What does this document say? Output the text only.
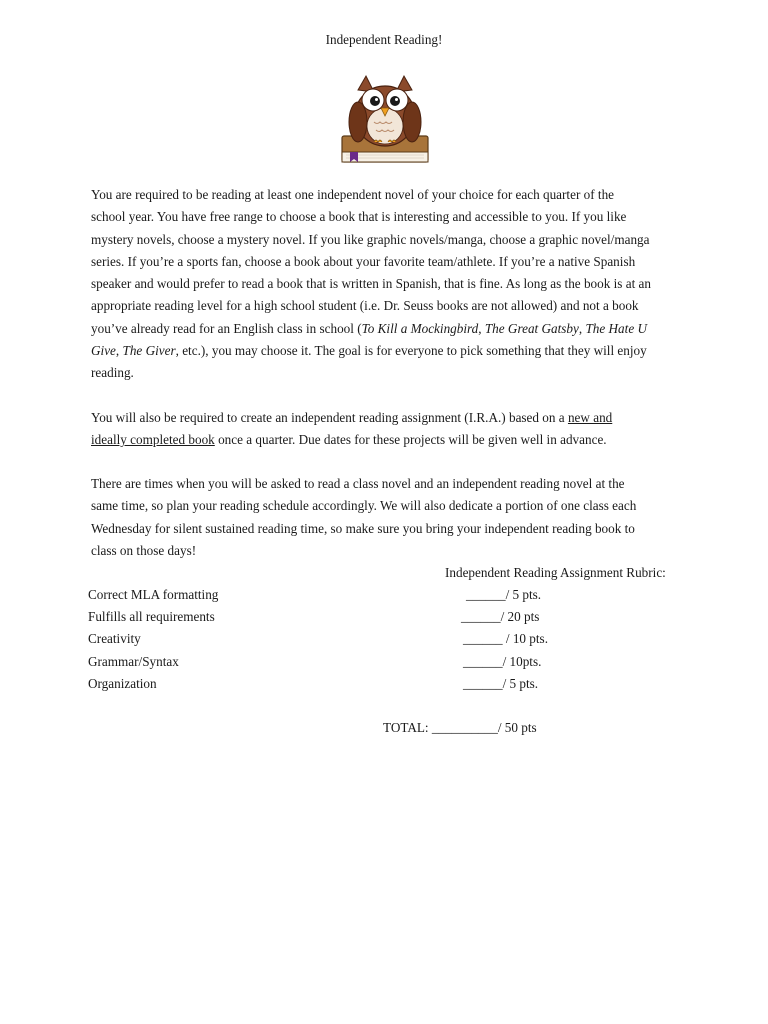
Independent Reading!
You are required to be reading at least one independent novel of your choice for each quarter of the
school year. You have free range to choose a book that is interesting and accessible to you. If you like
mystery novels, choose a mystery novel. If you like graphic novels/manga, choose a graphic novel/manga
series. If you’re a sports fan, choose a book about your favorite team/athlete. If you’re a native Spanish
speaker and would prefer to read a book that is written in Spanish, that is fine. As long as the book is at an
appropriate reading level for a high school student (i.e. Dr. Seuss books are not allowed) and not a book
you’ve already read for an English class in school (To Kill a Mockingbird, The Great Gatsby, The Hate U
Give, The Giver, etc.), you may choose it. The goal is for everyone to pick something that they will enjoy
reading.
You will also be required to create an independent reading assignment (I.R.A.) based on a new and
ideally completed book once a quarter. Due dates for these projects will be given well in advance.
There are times when you will be asked to read a class novel and an independent reading novel at the
same time, so plan your reading schedule accordingly. We will also dedicate a portion of one class each
Wednesday for silent sustained reading time, so make sure you bring your independent reading book to
class on those days!
Independent Reading Assignment Rubric:
Correct MLA formatting	______/ 5 pts.
Fulfills all requirements	______/ 20 pts
Creativity	______ / 10 pts.
Grammar/Syntax	______/ 10pts.
Organization	______/ 5 pts.
TOTAL: __________/ 50 pts
